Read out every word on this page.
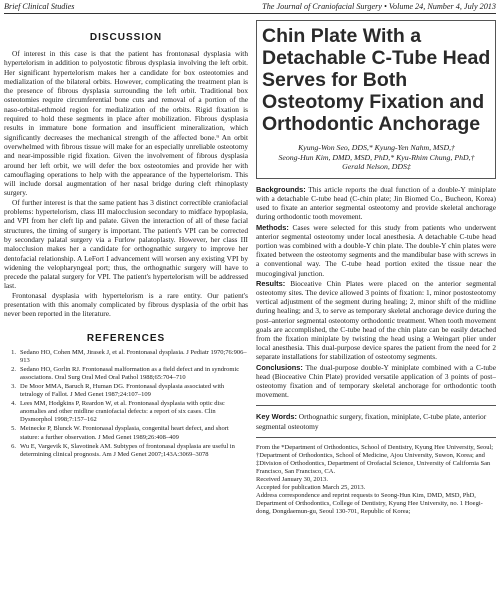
Brief Clinical Studies	The Journal of Craniofacial Surgery • Volume 24, Number 4, July 2013
DISCUSSION

Of interest in this case is that the patient has frontonasal dysplasia with hypertelorism in addition to polyostotic fibrous dysplasia involving the left orbit. Her significant hypertelorism makes her a candidate for box osteotomies and medialization of the bilateral orbits. However, complicating the treatment plan is the presence of fibrous dysplasia surrounding the left orbit. Traditional box osteotomies require circumferential bone cuts and removal of a portion of the naso-orbital-ethmoid region for medialization of the orbits. Rigid fixation is required to hold these segments in place after mobilization. Fibrous dysplasia results in immature bone formation and insufficient mineralization, which significantly decreases the mechanical strength of the affected bone.⁹ An orbit overwhelmed with fibrous tissue will make for an especially unreliable osteotomy and near-impossible rigid fixation. Given the involvement of fibrous dysplasia around her left orbit, we will defer the box osteotomies and provide her with camouflaging operations to help with the appearance of the hypertelorism. This will include dorsal augmentation of her nasal bridge during cleft rhinoplasty surgery.

Of further interest is that the same patient has 3 distinct correctible craniofacial problems: hypertelorism, class III malocclusion secondary to midface hypoplasia, and VPI from her cleft lip and palate. Given the interaction of all of these facial structures, the timing of surgery is important. The patient's VPI can be corrected by secondary palatal surgery via a Furlow palatoplasty. However, her class III malocclusion makes her a candidate for orthognathic surgery to improve her dentofacial relationship. A LeFort I advancement will worsen any existing VPI by widening the velopharyngeal port; thus, the orthognathic surgery will have to precede the palatal surgery for VPI. The patient's hypertelorism will be addressed last.

Frontonasal dysplasia with hypertelorism is a rare entity. Our patient's presentation with this anomaly complicated by fibrous dysplasia of the orbit has never been reported in the literature.

REFERENCES
1. Sedano HO, Cohen MM, Jirasek J, et al. Frontonasal dysplasia. J Pediatr 1970;76:906–913
2. Sedano HO, Gorlin RJ. Frontonasal malformation as a field defect and in syndromic associations. Oral Surg Oral Med Oral Pathol 1988;65:704–710
3. De Moor MMA, Baruch R, Human DG. Frontonasal dysplasia associated with tetralogy of Fallot. J Med Genet 1987;24:107–109
4. Lees MM, Hodgkins P, Reardon W, et al. Frontonasal dysplasia with optic disc anomalies and other midline craniofacial defects: a report of six cases. Clin Dysmorphol 1998;7:157–162
5. Meinecke P, Blunck W. Frontonasal dysplasia, congenital heart defect, and short stature: a further observation. J Med Genet 1989;26:408–409
6. Wu E, Vargevik K, Slavotinek AM. Subtypes of frontonasal dysplasia are useful in determining clinical prognosis. Am J Med Genet 2007;143A:3069–3078
Chin Plate With a Detachable C-Tube Head Serves for Both Osteotomy Fixation and Orthodontic Anchorage

Kyung-Won Seo, DDS,* Kyung-Yen Nahm, MSD,†

Seong-Hun Kim, DMD, MSD, PhD,* Kyu-Rhim Chung, PhD,†

Gerald Nelson, DDS‡

Backgrounds: This article reports the dual function of a double-Y miniplate with a detachable C-tube head (C-chin plate; Jin Biomed Co., Bucheon, Korea) used to fixate an anterior segmental osteotomy and provide skeletal anchorage during orthodontic tooth movement.

Methods: Cases were selected for this study from patients who underwent anterior segmental osteotomy under local anesthesia. A detachable C-tube head portion was combined with a double-Y chin plate. The double-Y chin plates were fixated between the osteotomy segments and the mandibular base with screws in a conventional way. The C-tube head portion exited the tissue near the mucogingival junction.

Results: Bioceative Chin Plates were placed on the anterior segmental osteotomy sites. The device allowed 3 points of fixation: 1, minor postosteotomy vertical adjustment of the segment during healing; 2, minor shift of the midline during healing; and 3, to serve as temporary skeletal anchorage device during the post–anterior segmental osteotomy orthodontic treatment. When tooth movement goals are accomplished, the C-tube head of the chin plate can be easily detached from the fixation miniplate by twisting the head using a Weingart plier under local anesthesia. This dual-purpose device spares the patient from the need for 2 separate installations for stabilization of osteotomy segments.

Conclusions: The dual-purpose double-Y miniplate combined with a C-tube head (Bioceative Chin Plate) provided versatile application of 3 points of post–osteotomy fixation and of temporary skeletal anchorage for orthodontic tooth movement.

Key Words: Orthognathic surgery, fixation, miniplate, C-tube plate, anterior segmental osteotomy

From the *Department of Orthodontics, School of Dentistry, Kyung Hee University, Seoul; †Department of Orthodontics, School of Medicine, Ajou University, Suwon, Korea; and ‡Division of Orthodontics, Department of Orofacial Science, University of California San Francisco, San Francisco, CA.

Received January 30, 2013.

Accepted for publication March 25, 2013.

Address correspondence and reprint requests to Seong-Hun Kim, DMD, MSD, PhD, Department of Orthodontics, College of Dentistry, Kyung Hee University, no. 1 Hoegi-dong, Dongdaemun-gu, Seoul 130-701, Republic of Korea;
